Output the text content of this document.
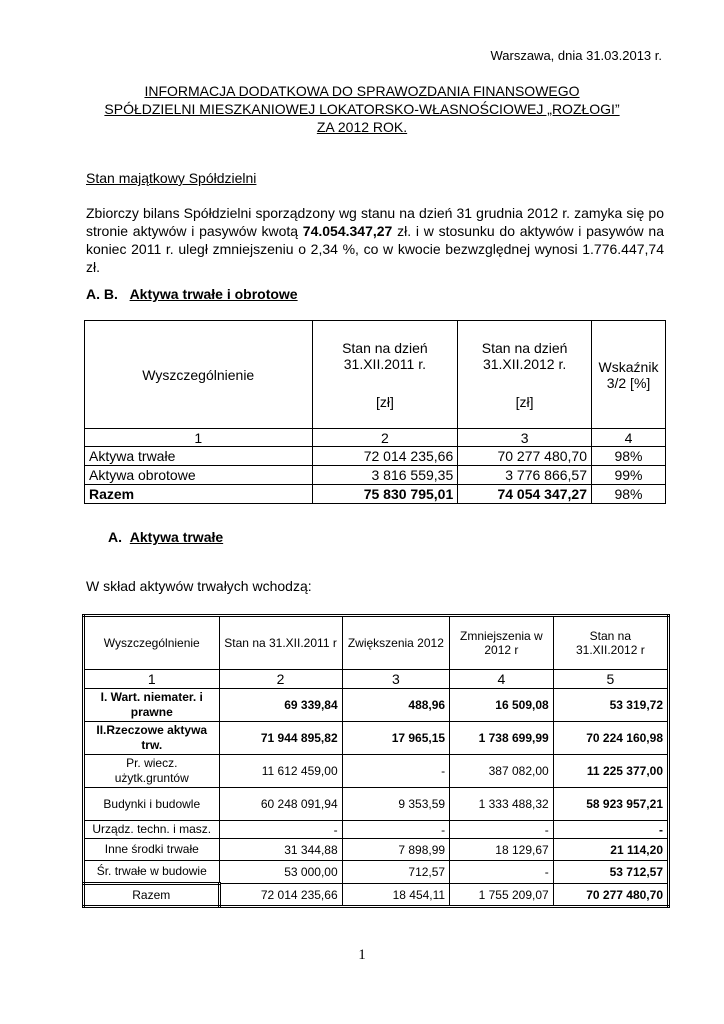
Warszawa, dnia 31.03.2013 r.
INFORMACJA DODATKOWA DO SPRAWOZDANIA FINANSOWEGO
SPÓŁDZIELNI MIESZKANIOWEJ LOKATORSKO-WŁASNOŚCIOWEJ „ROZŁOGI”
ZA 2012 ROK.
Stan majątkowy Spółdzielni
Zbiorczy bilans Spółdzielni sporządzony wg stanu na dzień 31 grudnia 2012 r. zamyka się po stronie aktywów i pasywów kwotą 74.054.347,27 zł. i w stosunku do aktywów i pasywów na koniec 2011 r. uległ zmniejszeniu o 2,34 %, co w kwocie bezwzględnej wynosi 1.776.447,74 zł.
A. B. Aktywa trwałe i obrotowe
Wyszczególnienie	Stan na dzień
31.XII.2011 r.
[zł]	Stan na dzień
31.XII.2012 r.
[zł]	Wskaźnik
3/2 [%]
1	2	3	4
Aktywa trwałe	72 014 235,66	70 277 480,70	98%
Aktywa obrotowe	3 816 559,35	3 776 866,57	99%
Razem	75 830 795,01	74 054 347,27	98%
A. Aktywa trwałe
W skład aktywów trwałych wchodzą:
Wyszczególnienie	Stan na 31.XII.2011 r	Zwiększenia 2012	Zmniejszenia w 2012 r	Stan na 31.XII.2012 r
1	2	3	4	5
I. Wart. niemater. i prawne	69 339,84	488,96	16 509,08	53 319,72
II.Rzeczowe aktywa trw.	71 944 895,82	17 965,15	1 738 699,99	70 224 160,98
Pr. wiecz. użytk.gruntów	11 612 459,00	-	387 082,00	11 225 377,00
Budynki i budowle	60 248 091,94	9 353,59	1 333 488,32	58 923 957,21
Urządz. techn. i masz.	-	-	-	-
Inne środki trwałe	31 344,88	7 898,99	18 129,67	21 114,20
Śr. trwałe w budowie	53 000,00	712,57	-	53 712,57
Razem	72 014 235,66	18 454,11	1 755 209,07	70 277 480,70
1
